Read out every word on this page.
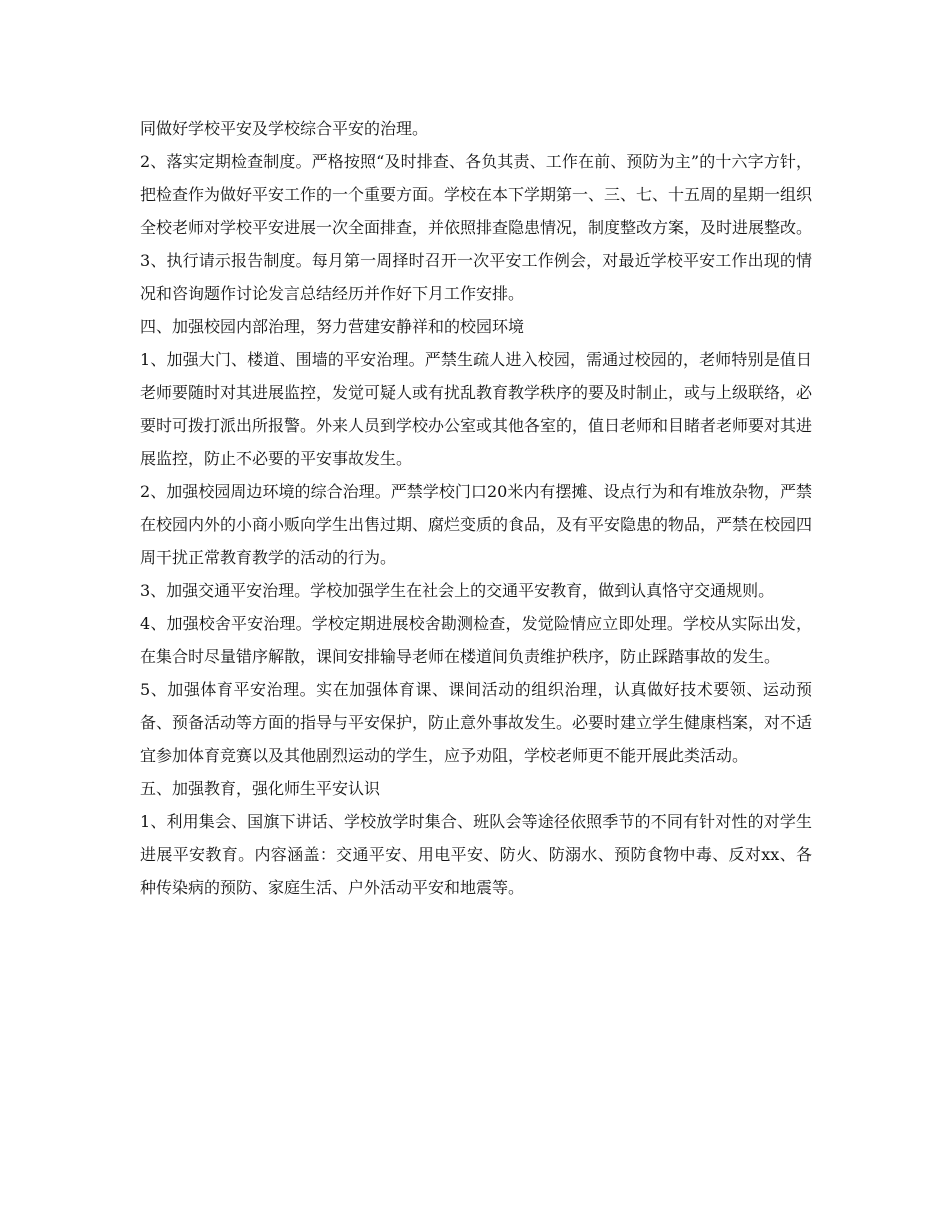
同做好学校平安及学校综合平安的治理。

2、落实定期检查制度。严格按照“及时排查、各负其责、工作在前、预防为主”的十六字方针，把检查作为做好平安工作的一个重要方面。学校在本下学期第一、三、七、十五周的星期一组织全校老师对学校平安进展一次全面排查，并依照排查隐患情况，制度整改方案，及时进展整改。

3、执行请示报告制度。每月第一周择时召开一次平安工作例会，对最近学校平安工作出现的情况和咨询题作讨论发言总结经历并作好下月工作安排。

四、加强校园内部治理，努力营建安静祥和的校园环境

1、加强大门、楼道、围墙的平安治理。严禁生疏人进入校园，需通过校园的，老师特别是值日老师要随时对其进展监控，发觉可疑人或有扰乱教育教学秩序的要及时制止，或与上级联络，必要时可拨打派出所报警。外来人员到学校办公室或其他各室的，值日老师和目睹者老师要对其进展监控，防止不必要的平安事故发生。

2、加强校园周边环境的综合治理。严禁学校门口20米内有摆摊、设点行为和有堆放杂物，严禁在校园内外的小商小贩向学生出售过期、腐烂变质的食品，及有平安隐患的物品，严禁在校园四周干扰正常教育教学的活动的行为。

3、加强交通平安治理。学校加强学生在社会上的交通平安教育，做到认真恪守交通规则。

4、加强校舍平安治理。学校定期进展校舍勘测检查，发觉险情应立即处理。学校从实际出发，在集合时尽量错序解散，课间安排输导老师在楼道间负责维护秩序，防止踩踏事故的发生。

5、加强体育平安治理。实在加强体育课、课间活动的组织治理，认真做好技术要领、运动预备、预备活动等方面的指导与平安保护，防止意外事故发生。必要时建立学生健康档案，对不适宜参加体育竞赛以及其他剧烈运动的学生，应予劝阻，学校老师更不能开展此类活动。

五、加强教育，强化师生平安认识

1、利用集会、国旗下讲话、学校放学时集合、班队会等途径依照季节的不同有针对性的对学生进展平安教育。内容涵盖：交通平安、用电平安、防火、防溺水、预防食物中毒、反对xx、各种传染病的预防、家庭生活、户外活动平安和地震等。
